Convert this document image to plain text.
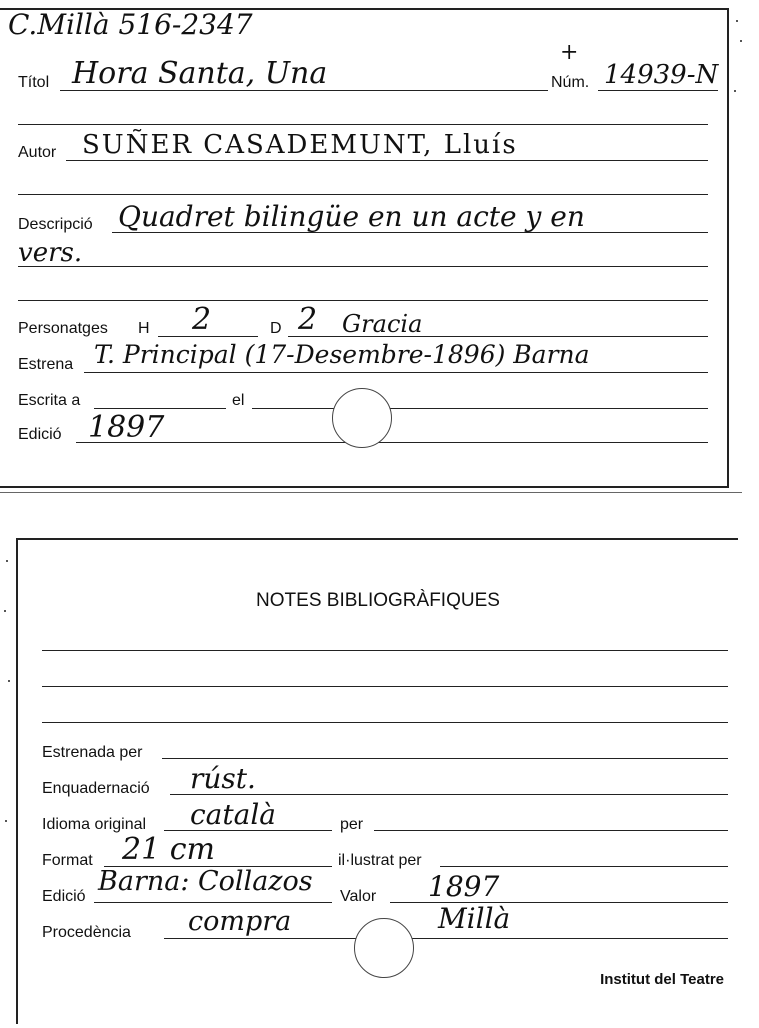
C.Millà 516-2347
Títol Hora Santa, Una
+
Núm. 14939-N
Autor SUÑER CASADEMUNT, Lluís
Descripció Quadret bilingüe en un acte y en
vers.
Personatges H 2	D 2 Gracia
Estrena T. Principal (17-Desembre-1896) Barna
Escrita a	el
Edició 1897
NOTES BIBLIOGRÀFIQUES
Estrenada per
Enquadernació rúst.
Idioma original català	per
Format 21 cm	il·lustrat per
Edició Barna: Collazos Valor 1897
Procedència compra	Millà
Institut del Teatre
